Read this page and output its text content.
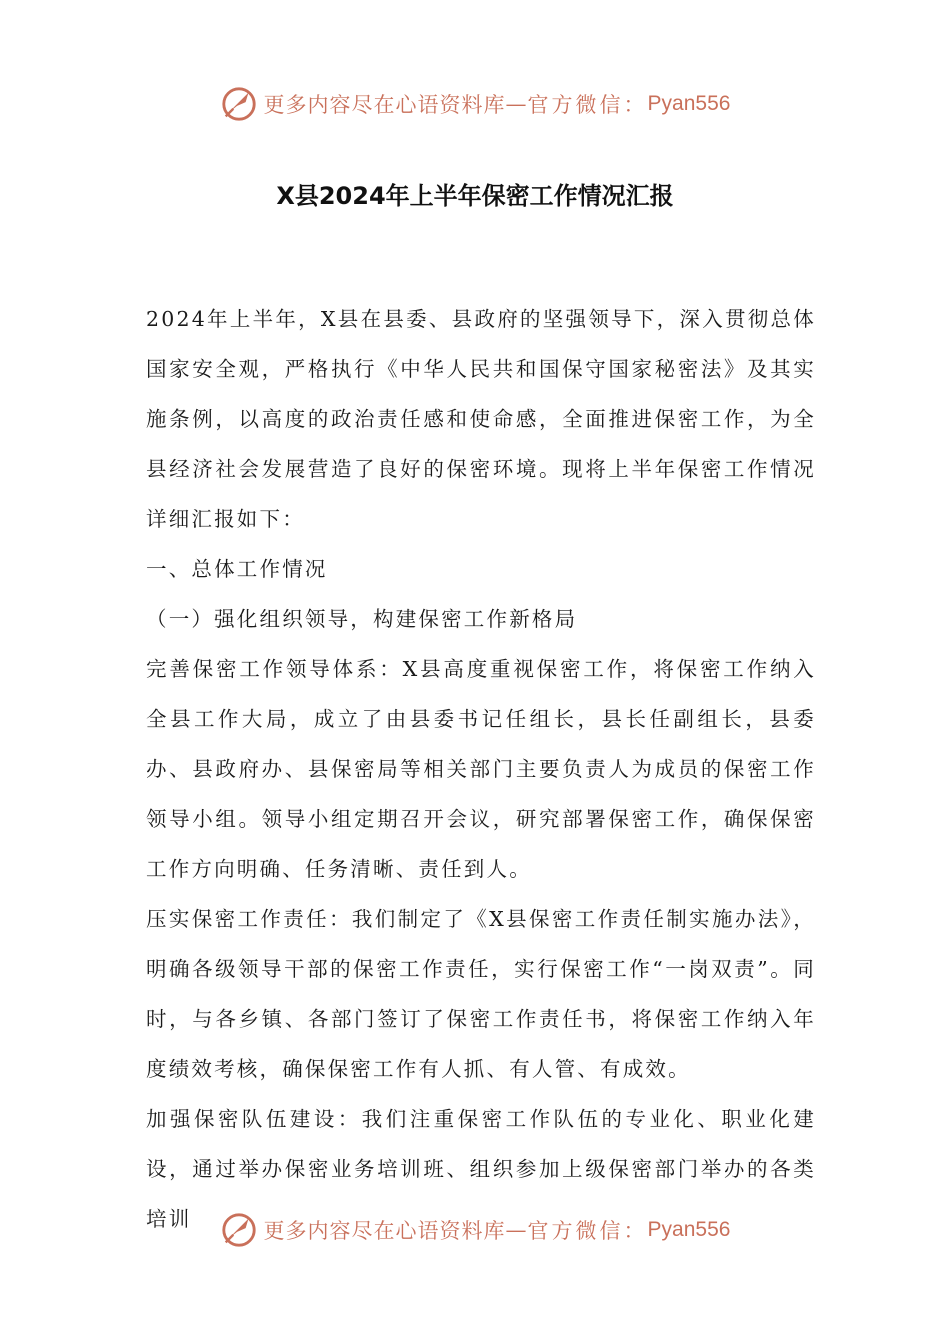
更多内容尽在心语资料库 — 官方微信： Pyan556
X县2024年上半年保密工作情况汇报

2024年上半年，X县在县委、县政府的坚强领导下，深入贯彻总体国家安全观，严格执行《中华人民共和国保守国家秘密法》及其实施条例，以高度的政治责任感和使命感，全面推进保密工作，为全县经济社会发展营造了良好的保密环境。现将上半年保密工作情况详细汇报如下：

一、总体工作情况

（一）强化组织领导，构建保密工作新格局

完善保密工作领导体系：X县高度重视保密工作，将保密工作纳入全县工作大局，成立了由县委书记任组长，县长任副组长，县委办、县政府办、县保密局等相关部门主要负责人为成员的保密工作领导小组。领导小组定期召开会议，研究部署保密工作，确保保密工作方向明确、任务清晰、责任到人。

压实保密工作责任：我们制定了《X县保密工作责任制实施办法》，明确各级领导干部的保密工作责任，实行保密工作“一岗双责”。同时，与各乡镇、各部门签订了保密工作责任书，将保密工作纳入年度绩效考核，确保保密工作有人抓、有人管、有成效。

加强保密队伍建设：我们注重保密工作队伍的专业化、职业化建设，通过举办保密业务培训班、组织参加上级保密部门举办的各类培训	更多内容尽在心语资料库 — 官方微信： Pyan556
